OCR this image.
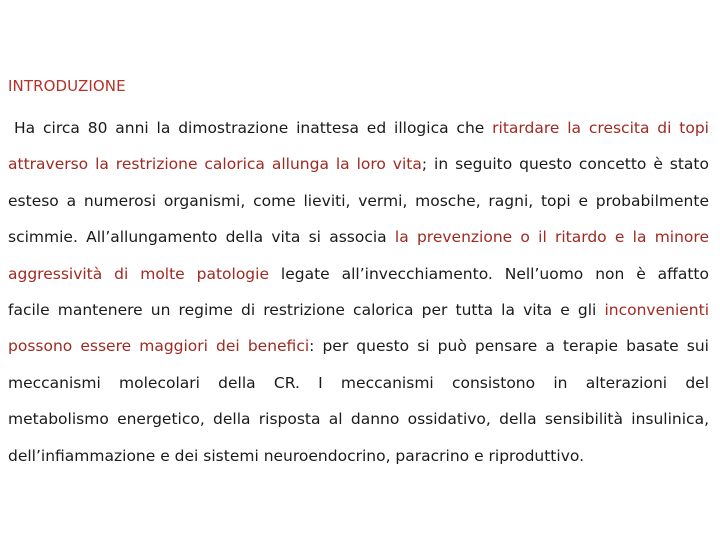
INTRODUZIONE
Ha circa 80 anni la dimostrazione inattesa ed illogica che ritardare la crescita di topi
attraverso la restrizione calorica allunga la loro vita; in seguito questo concetto è stato
esteso a numerosi organismi, come lieviti, vermi, mosche, ragni, topi e probabilmente
scimmie. All’allungamento della vita si associa la prevenzione o il ritardo e la minore
aggressività di molte patologie legate all’invecchiamento. Nell’uomo non è affatto
facile mantenere un regime di restrizione calorica per tutta la vita e gli inconvenienti
possono essere maggiori dei benefici: per questo si può pensare a terapie basate sui
meccanismi molecolari della CR. I meccanismi consistono in alterazioni del
metabolismo energetico, della risposta al danno ossidativo, della sensibilità insulinica,
dell’infiammazione e dei sistemi neuroendocrino, paracrino e riproduttivo.
